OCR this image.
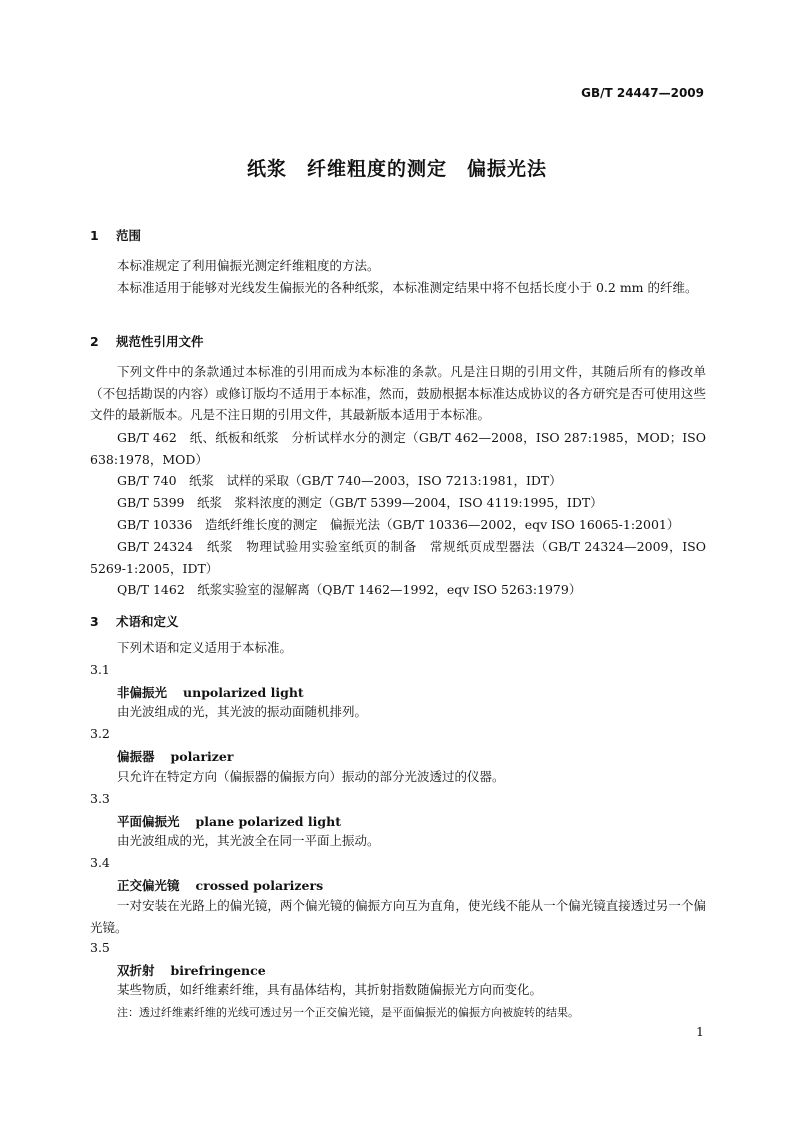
GB/T 24447—2009
纸浆　纤维粗度的测定　偏振光法
1 范围
本标准规定了利用偏振光测定纤维粗度的方法。
本标准适用于能够对光线发生偏振光的各种纸浆，本标准测定结果中将不包括长度小于 0.2 mm 的纤维。
2 规范性引用文件
下列文件中的条款通过本标准的引用而成为本标准的条款。凡是注日期的引用文件，其随后所有的修改单（不包括勘误的内容）或修订版均不适用于本标准，然而，鼓励根据本标准达成协议的各方研究是否可使用这些文件的最新版本。凡是不注日期的引用文件，其最新版本适用于本标准。
GB/T 462　纸、纸板和纸浆　分析试样水分的测定（GB/T 462—2008，ISO 287:1985，MOD；ISO 638:1978，MOD）
GB/T 740　纸浆　试样的采取（GB/T 740—2003，ISO 7213:1981，IDT）
GB/T 5399　纸浆　浆料浓度的测定（GB/T 5399—2004，ISO 4119:1995，IDT）
GB/T 10336　造纸纤维长度的测定　偏振光法（GB/T 10336—2002，eqv ISO 16065-1:2001）
GB/T 24324　纸浆　物理试验用实验室纸页的制备　常规纸页成型器法（GB/T 24324—2009，ISO 5269-1:2005，IDT）
QB/T 1462　纸浆实验室的湿解离（QB/T 1462—1992，eqv ISO 5263:1979）
3 术语和定义
下列术语和定义适用于本标准。
3.1
非偏振光 unpolarized light
由光波组成的光，其光波的振动面随机排列。
3.2
偏振器 polarizer
只允许在特定方向（偏振器的偏振方向）振动的部分光波透过的仪器。
3.3
平面偏振光 plane polarized light
由光波组成的光，其光波全在同一平面上振动。
3.4
正交偏光镜 crossed polarizers
一对安装在光路上的偏光镜，两个偏光镜的偏振方向互为直角，使光线不能从一个偏光镜直接透过另一个偏光镜。
3.5
双折射 birefringence
某些物质，如纤维素纤维，具有晶体结构，其折射指数随偏振光方向而变化。
注：透过纤维素纤维的光线可透过另一个正交偏光镜，是平面偏振光的偏振方向被旋转的结果。
1
